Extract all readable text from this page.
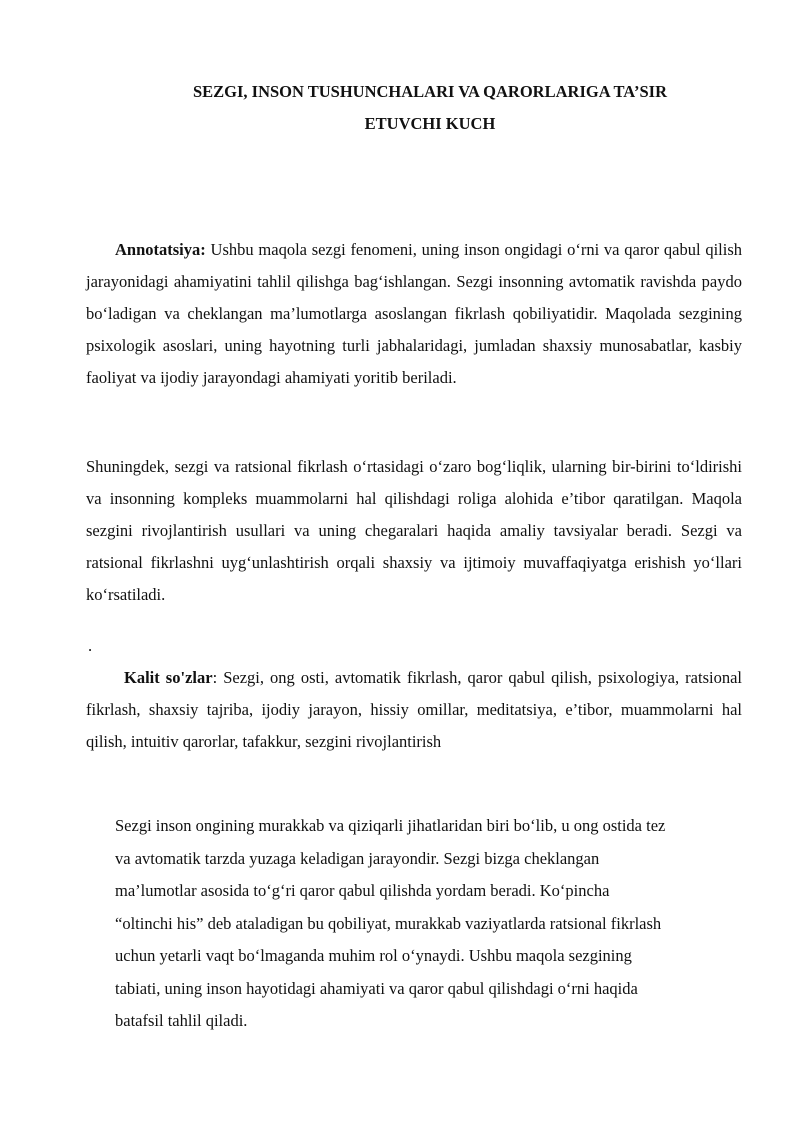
SEZGI, INSON TUSHUNCHALARI VA QARORLARIGA TA’SIR
ETUVCHI KUCH

Annotatsiya: Ushbu maqola sezgi fenomeni, uning inson ongidagi o‘rni va qaror qabul qilish jarayonidagi ahamiyatini tahlil qilishga bag‘ishlangan. Sezgi insonning avtomatik ravishda paydo bo‘ladigan va cheklangan ma’lumotlarga asoslangan fikrlash qobiliyatidir. Maqolada sezgining psixologik asoslari, uning hayotning turli jabhalaridagi, jumladan shaxsiy munosabatlar, kasbiy faoliyat va ijodiy jarayondagi ahamiyati yoritib beriladi.

Shuningdek, sezgi va ratsional fikrlash o‘rtasidagi o‘zaro bog‘liqlik, ularning bir-birini to‘ldirishi va insonning kompleks muammolarni hal qilishdagi roliga alohida e’tibor qaratilgan. Maqola sezgini rivojlantirish usullari va uning chegaralari haqida amaliy tavsiyalar beradi. Sezgi va ratsional fikrlashni uyg‘unlashtirish orqali shaxsiy va ijtimoiy muvaffaqiyatga erishish yo‘llari ko‘rsatiladi.

.

Kalit so'zlar: Sezgi, ong osti, avtomatik fikrlash, qaror qabul qilish, psixologiya, ratsional fikrlash, shaxsiy tajriba, ijodiy jarayon, hissiy omillar, meditatsiya, e’tibor, muammolarni hal qilish, intuitiv qarorlar, tafakkur, sezgini rivojlantirish

Sezgi inson ongining murakkab va qiziqarli jihatlaridan biri bo‘lib, u ong ostida tez
va avtomatik tarzda yuzaga keladigan jarayondir. Sezgi bizga cheklangan
ma’lumotlar asosida to‘g‘ri qaror qabul qilishda yordam beradi. Ko‘pincha
“oltinchi his” deb ataladigan bu qobiliyat, murakkab vaziyatlarda ratsional fikrlash
uchun yetarli vaqt bo‘lmaganda muhim rol o‘ynaydi. Ushbu maqola sezgining
tabiati, uning inson hayotidagi ahamiyati va qaror qabul qilishdagi o‘rni haqida
batafsil tahlil qiladi.
